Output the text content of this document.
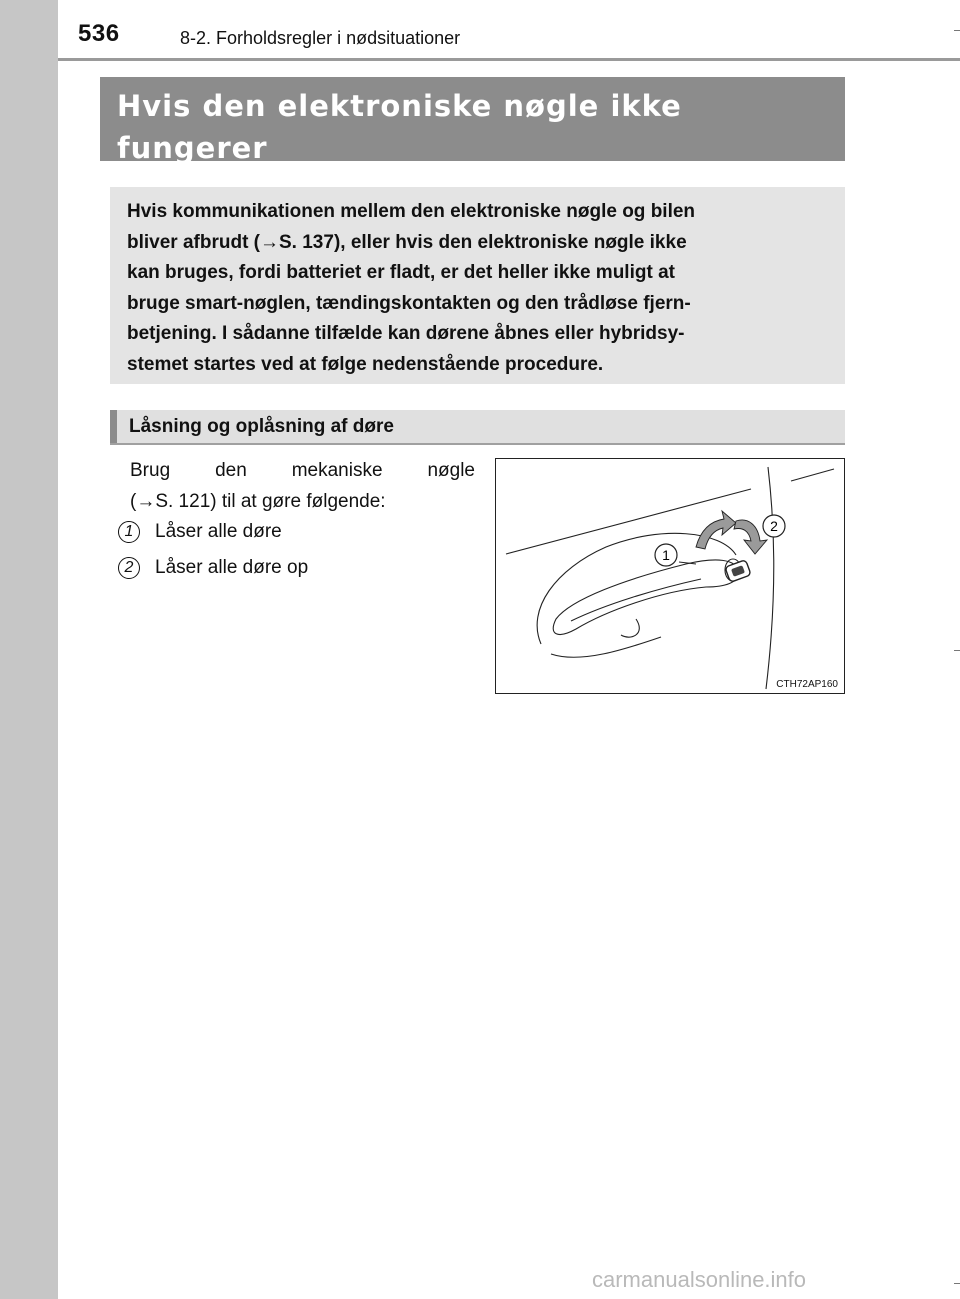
536	8-2. Forholdsregler i nødsituationer
Hvis den elektroniske nøgle ikke fungerer
Hvis kommunikationen mellem den elektroniske nøgle og bilen
bliver afbrudt (→S. 137), eller hvis den elektroniske nøgle ikke
kan bruges, fordi batteriet er fladt, er det heller ikke muligt at
bruge smart-nøglen, tændingskontakten og den trådløse fjern-
betjening. I sådanne tilfælde kan dørene åbnes eller hybridsy-
stemet startes ved at følge nedenstående procedure.
Låsning og oplåsning af døre
Brug den mekaniske nøgle
(→S. 121) til at gøre følgende:
1	Låser alle døre
2	Låser alle døre op
1
2
CTH72AP160
carmanualsonline.info
